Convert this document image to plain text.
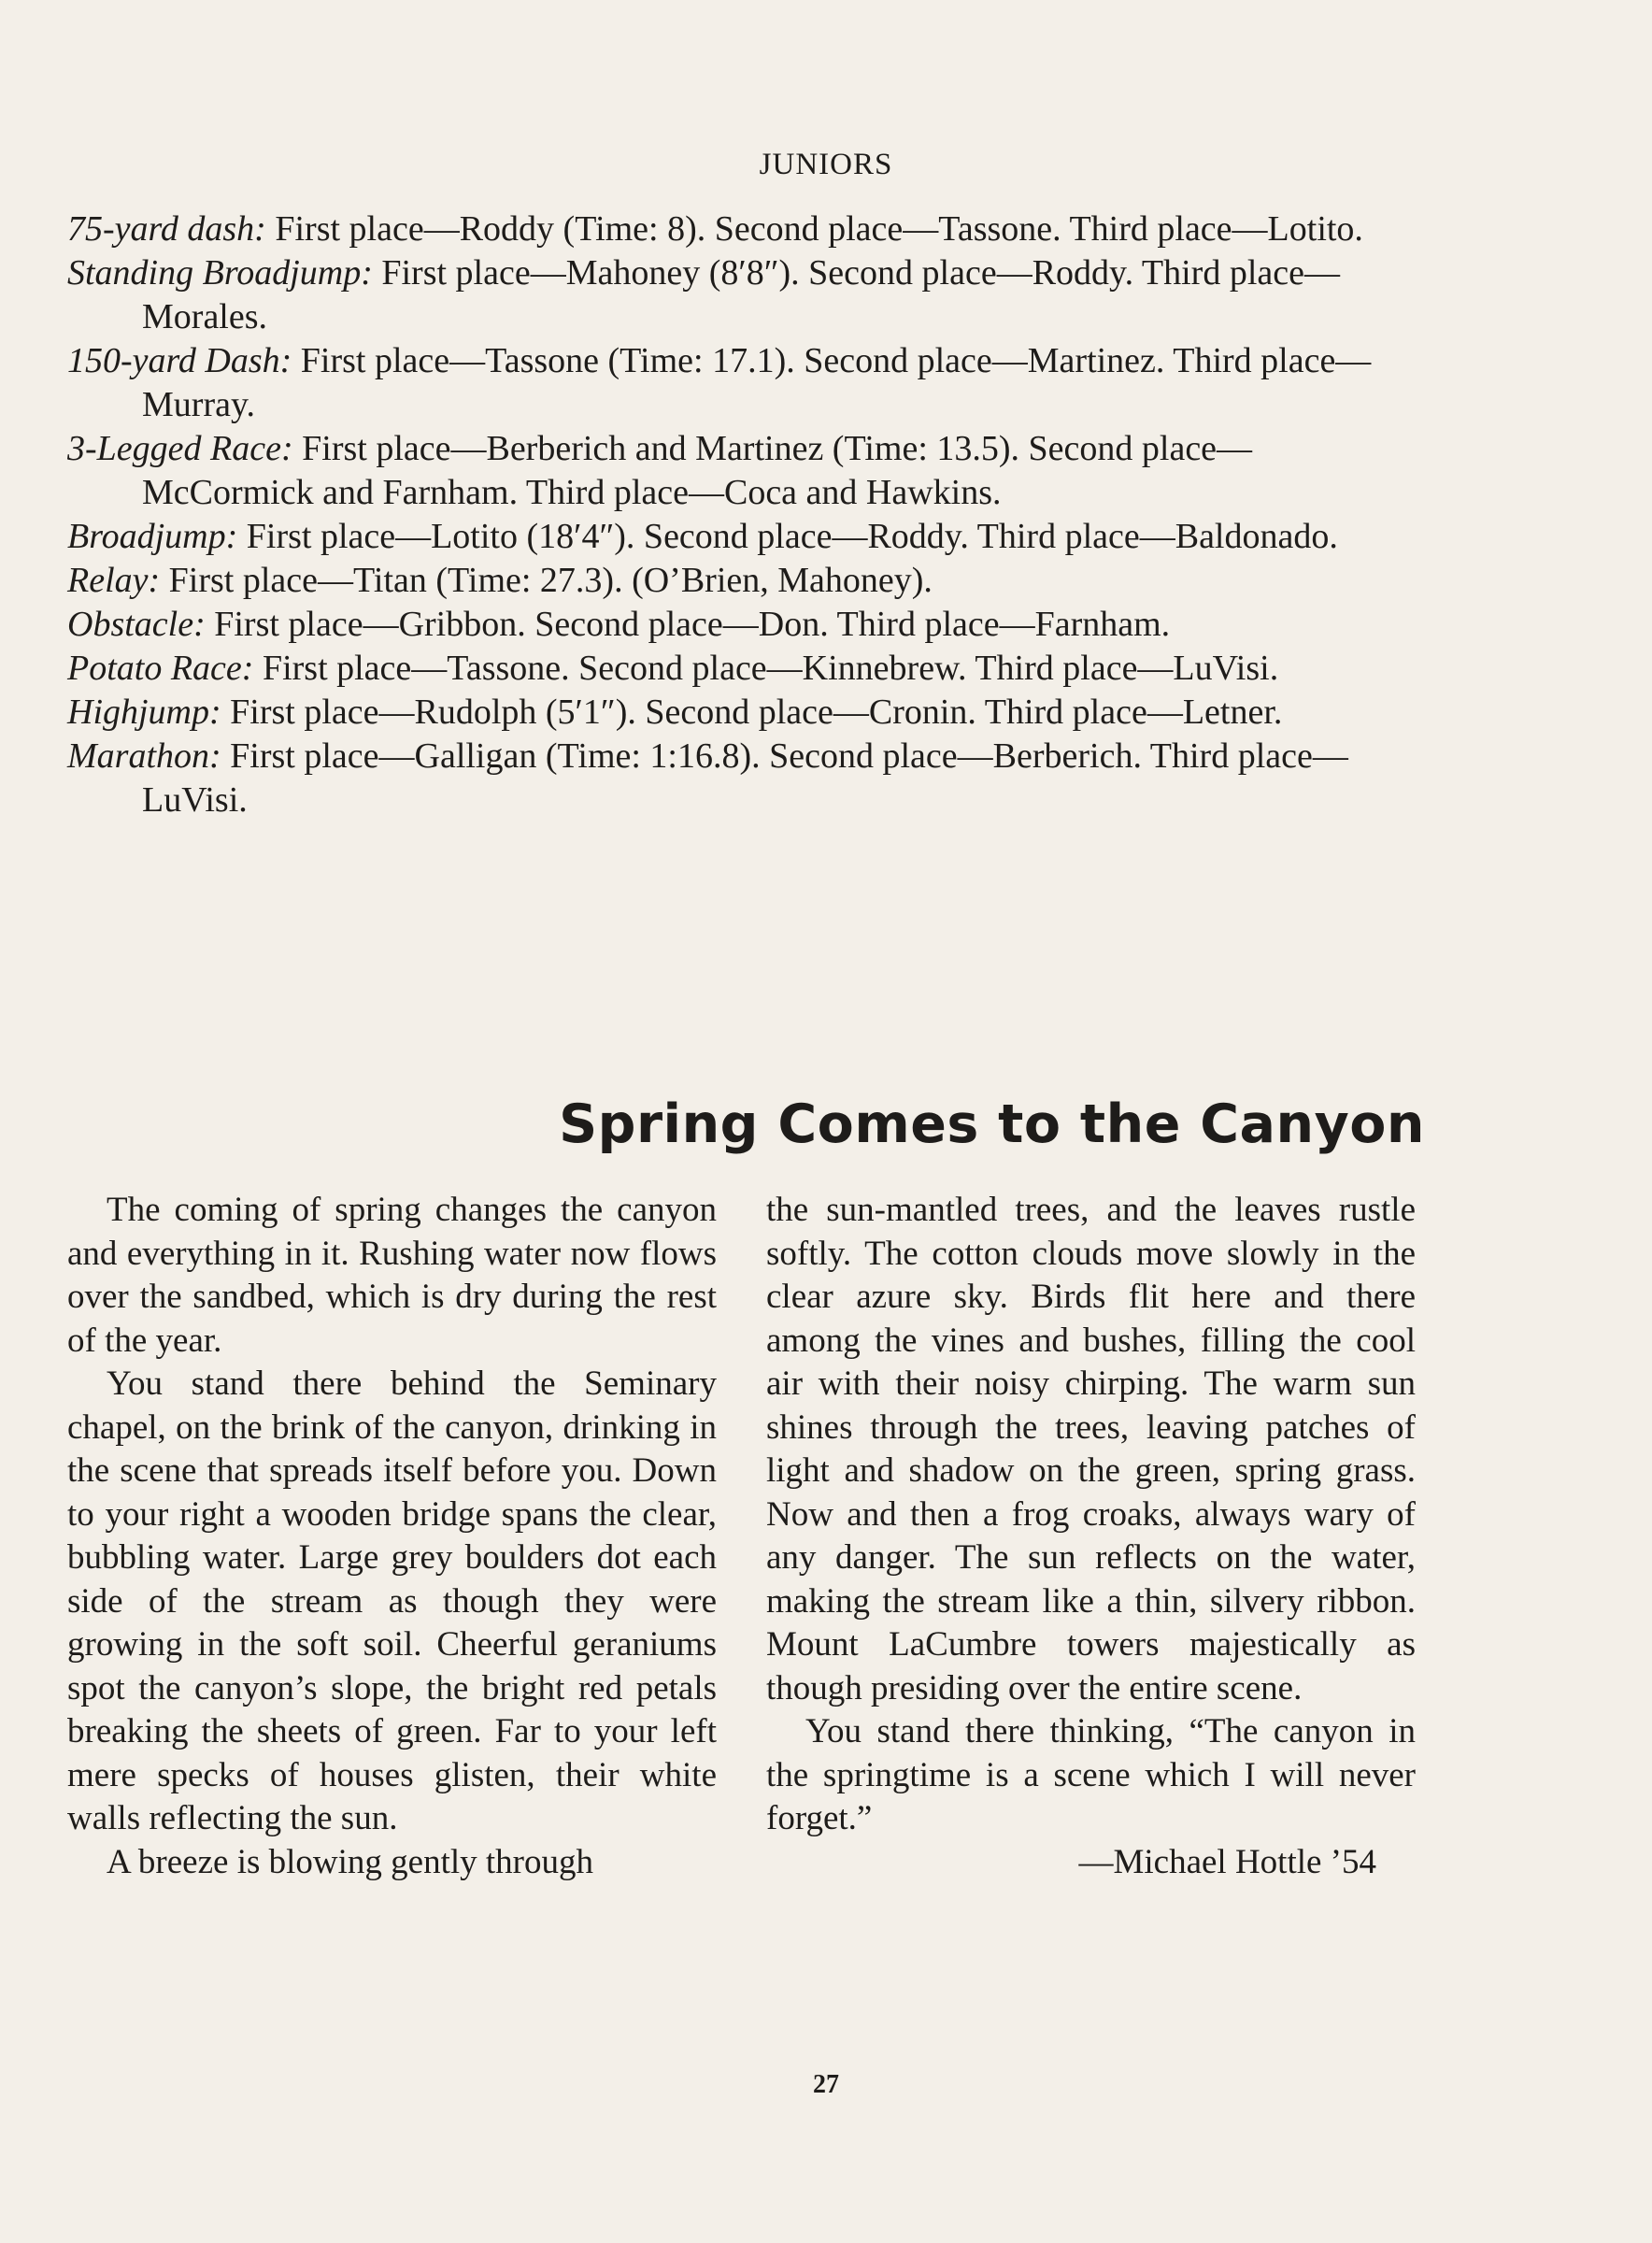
JUNIORS

75-yard dash: First place—Roddy (Time: 8). Second place—Tassone. Third place—Lotito.

Standing Broadjump: First place—Mahoney (8′8″). Second place—Roddy. Third place—Morales.

150-yard Dash: First place—Tassone (Time: 17.1). Second place—Martinez. Third place—Murray.

3-Legged Race: First place—Berberich and Martinez (Time: 13.5). Second place—McCormick and Farnham. Third place—Coca and Hawkins.

Broadjump: First place—Lotito (18′4″). Second place—Roddy. Third place—Baldonado.

Relay: First place—Titan (Time: 27.3). (O’Brien, Mahoney).

Obstacle: First place—Gribbon. Second place—Don. Third place—Farnham.

Potato Race: First place—Tassone. Second place—Kinnebrew. Third place—LuVisi.

Highjump: First place—Rudolph (5′1″). Second place—Cronin. Third place—Letner.

Marathon: First place—Galligan (Time: 1:16.8). Second place—Berberich. Third place—LuVisi.

Spring Comes to the Canyon

The coming of spring changes the canyon and everything in it. Rushing water now flows over the sandbed, which is dry during the rest of the year.

You stand there behind the Seminary chapel, on the brink of the canyon, drinking in the scene that spreads itself before you. Down to your right a wooden bridge spans the clear, bubbling water. Large grey boulders dot each side of the stream as though they were growing in the soft soil. Cheerful geraniums spot the canyon’s slope, the bright red petals breaking the sheets of green. Far to your left mere specks of houses glisten, their white walls reflecting the sun.

A breeze is blowing gently through

the sun-mantled trees, and the leaves rustle softly. The cotton clouds move slowly in the clear azure sky. Birds flit here and there among the vines and bushes, filling the cool air with their noisy chirping. The warm sun shines through the trees, leaving patches of light and shadow on the green, spring grass. Now and then a frog croaks, always wary of any danger. The sun reflects on the water, making the stream like a thin, silvery ribbon. Mount LaCumbre towers majestically as though presiding over the entire scene.

You stand there thinking, “The canyon in the springtime is a scene which I will never forget.”

—Michael Hottle ’54
27
